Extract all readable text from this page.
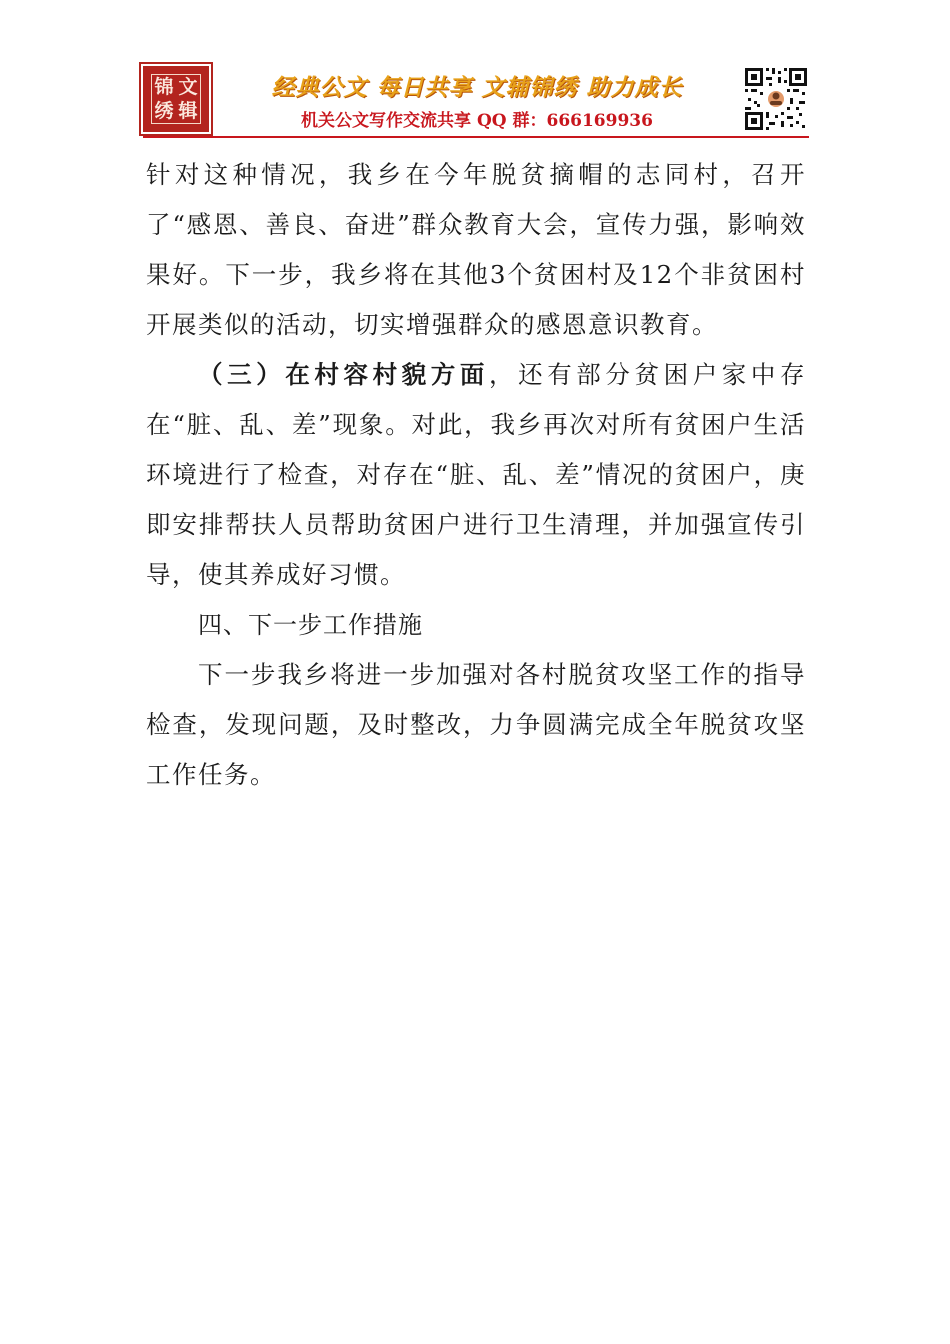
锦 文
绣 辑
经典公文 每日共享 文辅锦绣 助力成长
机关公文写作交流共享 QQ 群：666169936

针对这种情况，我乡在今年脱贫摘帽的志同村，召开了“感恩、善良、奋进”群众教育大会，宣传力强，影响效果好。下一步，我乡将在其他3个贫困村及12个非贫困村开展类似的活动，切实增强群众的感恩意识教育。

（三）在村容村貌方面，还有部分贫困户家中存在“脏、乱、差”现象。对此，我乡再次对所有贫困户生活环境进行了检查，对存在“脏、乱、差”情况的贫困户，庚即安排帮扶人员帮助贫困户进行卫生清理，并加强宣传引导，使其养成好习惯。

四、下一步工作措施

下一步我乡将进一步加强对各村脱贫攻坚工作的指导检查，发现问题，及时整改，力争圆满完成全年脱贫攻坚工作任务。
